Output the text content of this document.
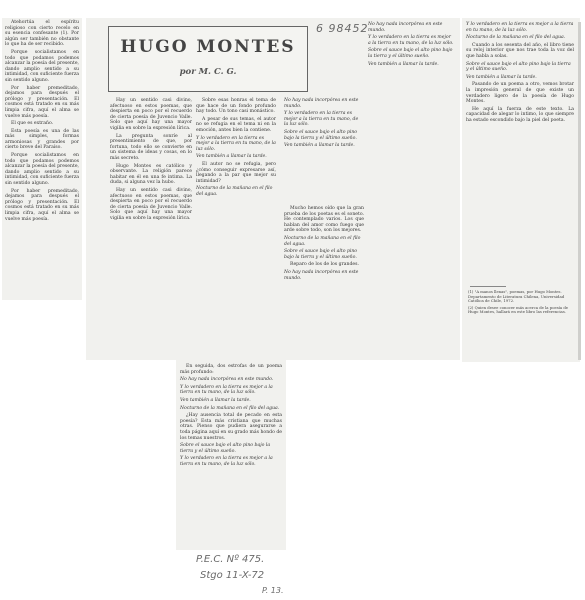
Atehortúa el espíritu religioso con cierto recelo en su esencia confesante (1). Por algún ser también no obstante lo que ha de ser recibido.

Porque socialistamos en todo que podamos podemos alcanzar la poesía del presente, dando amplio sentido a su intimidad, con suficiente fuerza sin sentido alguno.

Por haber premeditado, dejamos para después el prólogo y presentación. El cosmos está tratado en su más limpia cifra, aquí el alma se vuelve más poesía.

El que es extraño.

Esta poesía es una de las más simples, formas armoniosas y grandes por cierto breve del Paraíso.

Porque socialistamos en todo que podamos podemos alcanzar la poesía del presente, dando amplio sentido a su intimidad, con suficiente fuerza sin sentido alguno.

Por haber premeditado, dejamos para después el prólogo y presentación. El cosmos está tratado en su más limpia cifra, aquí el alma se vuelve más poesía.

HUGO MONTES
por M. C. G.
6 98452

Hay un sentido casi divino, afectuoso en estos poemas, que despierta en poco por el recuerdo de cierta poesía de Juvencio Valle. Solo que aquí hay una mayor vigilia en sobre la expresión lírica.

La pregunta sonríe al presentimiento de que, por fortuna, todo ello se convierte en un sistema de ideas y cosas, en lo más secreto.

Hugo Montes es católico y observante. La religión parece habitar en él en una fe intima. La duda, si alguna vez la hubo.

Hay un sentido casi divino, afectuoso en estos poemas, que despierta en poco por el recuerdo de cierta poesía de Juvencio Valle. Solo que aquí hay una mayor vigilia en sobre la expresión lírica.

Sobre esas honras el tema de que hace de un fondo profundo hay todo. Un tono casi monástico.

A pesar de sus temas, el autor no se refugia en el tema ni en la emoción, antes bien la contiene.

Y lo verdadero en la tierra es mejor a la tierra en tu mano, de la luz sólo.

Ven también a llamar la tarde.

El autor no se refugia, pero ¿cómo conseguir expresarse así, llegando a la par que mejor su intimidad?

Nocturno de la mañana en el filo del agua.

No hay nada incorpórea en este mundo.

Y lo verdadero en la tierra es mejor a la tierra en tu mano, de la luz sólo.

Sobre el sauce bajo el alto pino bajo la tierra y el último sueño.

Ven también a llamar la tarde.

Mucho hemos oído que la gran prueba de los poetas es el soneto. He contemplado varios. Los que hablan del amor como fuego que arde sobre todo, son los mejores.

Nocturno de la mañana en el filo del agua.

Sobre el sauce bajo el alto pino bajo la tierra y el último sueño.

Reparo de los de los grandes.

No hay nada incorpórea en este mundo.

No hay nada incorpórea en este mundo.

Y lo verdadero en la tierra es mejor a la tierra en tu mano, de la luz sólo.

Sobre el sauce bajo el alto pino bajo la tierra y el último sueño.

Ven también a llamar la tarde.

Y lo verdadero en la tierra es mejor a la tierra en tu mano, de la luz sólo.

Nocturno de la mañana en el filo del agua.

Cuando a los sesenta del año, el libro tiene su reloj interior que nos trae toda la voz del que habla a solas.

Sobre el sauce bajo el alto pino bajo la tierra y el último sueño.

Ven también a llamar la tarde.

Pasando de un poema a otro, vemos brotar la impresión general de que existe un verdadero ligero de la poesía de Hugo Montes.

He aquí la fuerza de este texto. La capacidad de alegar lo intimo, lo que siempre ha estado escondido bajo la piel del poeta.

(1) "A manos llenas", poemas, por Hugo Montes. Departamento de Literatura Chilena, Universidad Católica de Chile, 1972.
(2) Quien desee conocer más acerca de la poesía de Hugo Montes, hallará en este libro las referencias.

En seguida, dos estrofas de un poema más profundo:

No hay nada incorpórea en este mundo.

Y lo verdadero en la tierra es mejor a la tierra en tu mano, de la luz sólo.

Ven también a llamar la tarde.

Nocturno de la mañana en el filo del agua.

¿Hay ausencia total de pecado en esta poesía? Esta más cristiana que muchas otras. Pienso que pudiera asegurarse a toda página aquí en su grado más hondo de los temas nuestros.

Sobre el sauce bajo el alto pino bajo la tierra y el último sueño.

Y lo verdadero en la tierra es mejor a la tierra en tu mano, de la luz sólo.

P.E.C. Nº 475.
Stgo 11-X-72
P. 13.
